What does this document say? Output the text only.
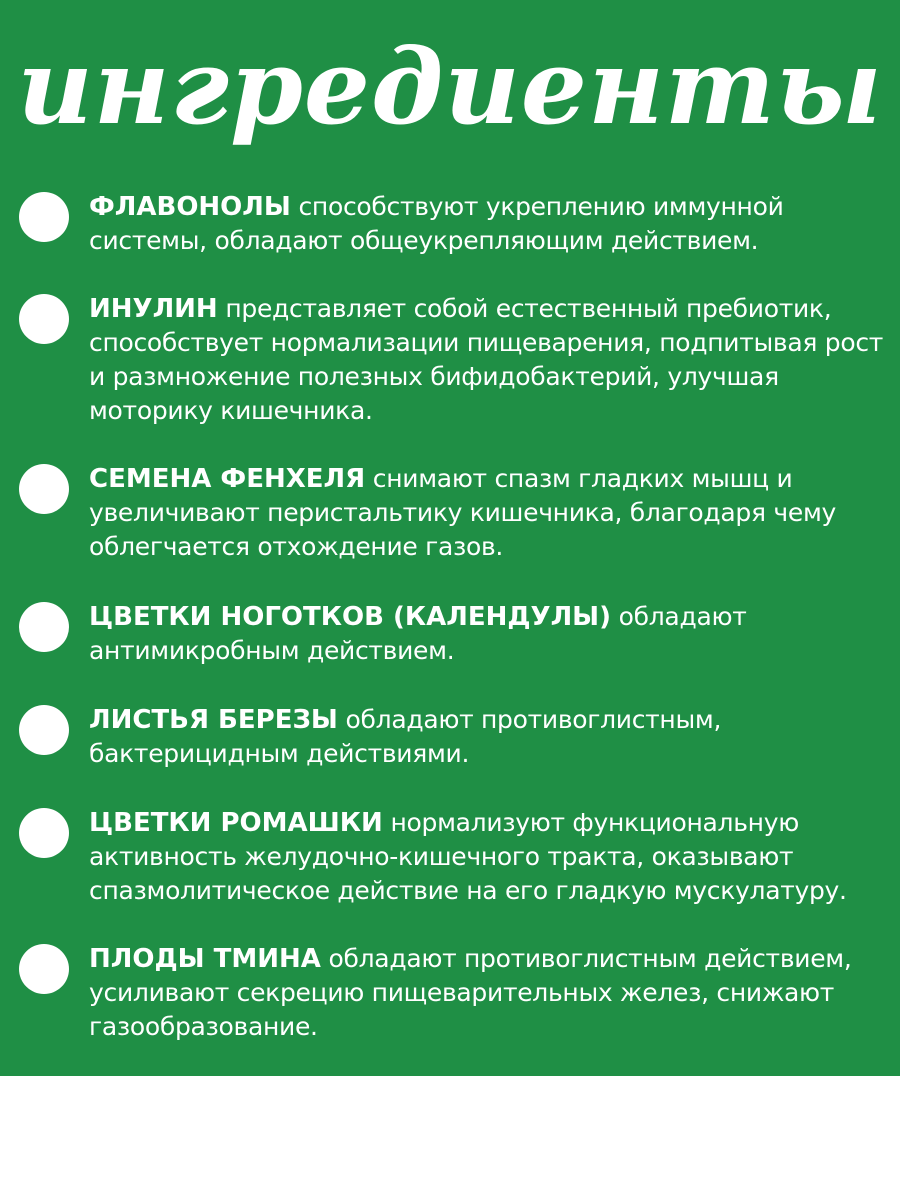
ингредиенты

ФЛАВОНОЛЫ способствуют укреплению иммунной системы, обладают общеукрепляющим действием.

ИНУЛИН представляет собой естественный пребиотик, способствует нормализации пищеварения, подпитывая рост и размножение полезных бифидобактерий, улучшая моторику кишечника.

СЕМЕНА ФЕНХЕЛЯ снимают спазм гладких мышц и увеличивают перистальтику кишечника, благодаря чему облегчается отхождение газов.

ЦВЕТКИ НОГОТКОВ (КАЛЕНДУЛЫ) обладают антимикробным действием.

ЛИСТЬЯ БЕРЕЗЫ обладают противоглистным, бактерицидным действиями.

ЦВЕТКИ РОМАШКИ нормализуют функциональную активность желудочно-кишечного тракта, оказывают спазмолитическое действие на его гладкую мускулатуру.

ПЛОДЫ ТМИНА обладают противоглистным действием, усиливают секрецию пищеварительных желез, снижают газообразование.
